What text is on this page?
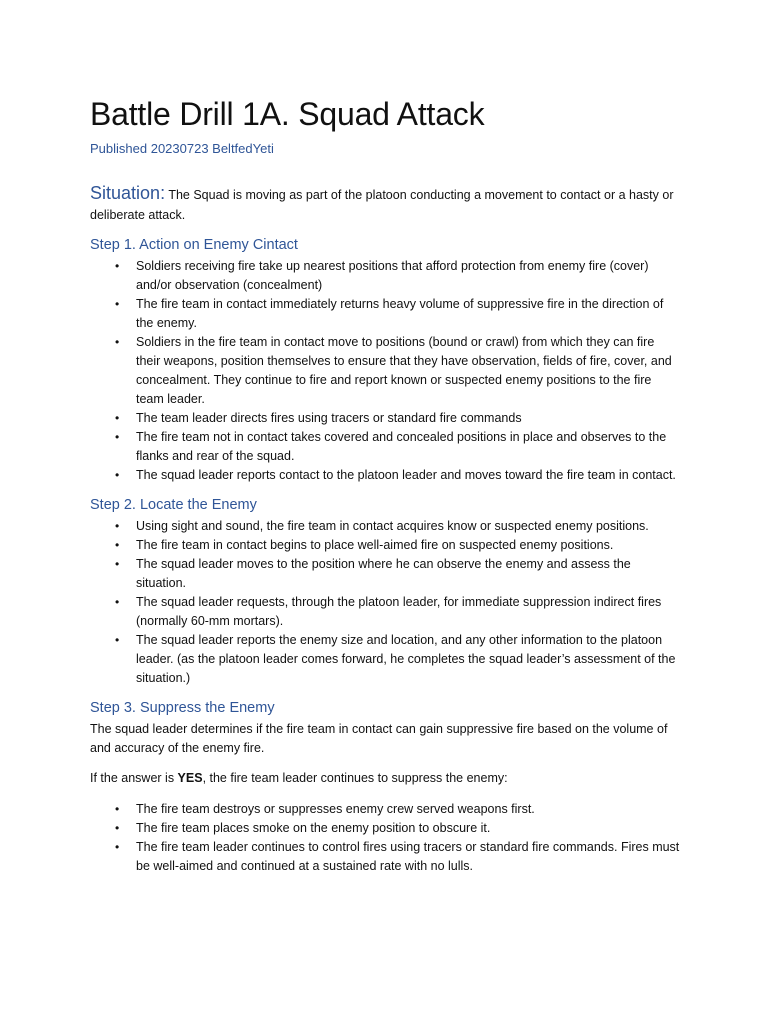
Battle Drill 1A. Squad Attack

Published 20230723 BeltfedYeti

Situation: The Squad is moving as part of the platoon conducting a movement to contact or a hasty or deliberate attack.

Step 1. Action on Enemy Cintact
• Soldiers receiving fire take up nearest positions that afford protection from enemy fire (cover) and/or observation (concealment)
• The fire team in contact immediately returns heavy volume of suppressive fire in the direction of the enemy.
• Soldiers in the fire team in contact move to positions (bound or crawl) from which they can fire their weapons, position themselves to ensure that they have observation, fields of fire, cover, and concealment. They continue to fire and report known or suspected enemy positions to the fire team leader.
• The team leader directs fires using tracers or standard fire commands
• The fire team not in contact takes covered and concealed positions in place and observes to the flanks and rear of the squad.
• The squad leader reports contact to the platoon leader and moves toward the fire team in contact.
Step 2. Locate the Enemy
• Using sight and sound, the fire team in contact acquires know or suspected enemy positions.
• The fire team in contact begins to place well-aimed fire on suspected enemy positions.
• The squad leader moves to the position where he can observe the enemy and assess the situation.
• The squad leader requests, through the platoon leader, for immediate suppression indirect fires (normally 60-mm mortars).
• The squad leader reports the enemy size and location, and any other information to the platoon leader. (as the platoon leader comes forward, he completes the squad leader’s assessment of the situation.)
Step 3. Suppress the Enemy

The squad leader determines if the fire team in contact can gain suppressive fire based on the volume of and accuracy of the enemy fire.

If the answer is YES, the fire team leader continues to suppress the enemy:

• The fire team destroys or suppresses enemy crew served weapons first.
• The fire team places smoke on the enemy position to obscure it.
• The fire team leader continues to control fires using tracers or standard fire commands. Fires must be well-aimed and continued at a sustained rate with no lulls.
